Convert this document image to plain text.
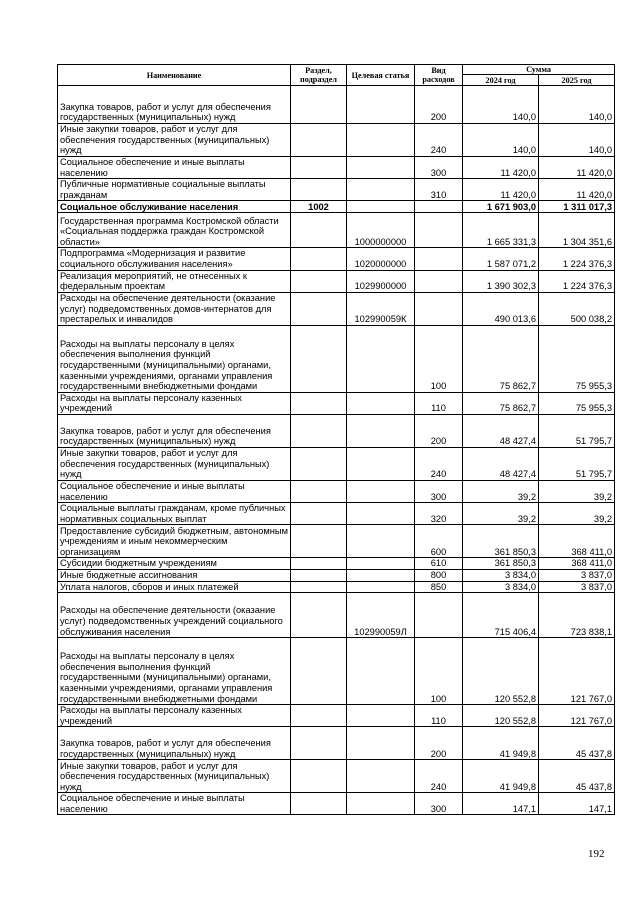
Наименование	Раздел, подраздел	Целевая статья	Вид расходов	Сумма	
				2024 год	2025 год
Закупка товаров, работ и услуг для обеспечения государственных (муниципальных) нужд			200	140,0	140,0
Иные закупки товаров, работ и услуг для обеспечения государственных (муниципальных) нужд			240	140,0	140,0
Социальное обеспечение и иные выплаты населению			300	11 420,0	11 420,0
Публичные нормативные социальные выплаты гражданам			310	11 420,0	11 420,0
Социальное обслуживание населения	1002			1 671 903,0	1 311 017,3
Государственная программа Костромской области «Социальная поддержка граждан Костромской области»		1000000000		1 665 331,3	1 304 351,6
Подпрограмма «Модернизация и развитие социального обслуживания населения»		1020000000		1 587 071,2	1 224 376,3
Реализация мероприятий, не отнесенных к федеральным проектам		1029900000		1 390 302,3	1 224 376,3
Расходы на обеспечение деятельности (оказание услуг) подведомственных домов-интернатов для престарелых и инвалидов		102990059К		490 013,6	500 038,2
Расходы на выплаты персоналу в целях обеспечения выполнения функций государственными (муниципальными) органами, казенными учреждениями, органами управления государственными внебюджетными фондами			100	75 862,7	75 955,3
Расходы на выплаты персоналу казенных учреждений			110	75 862,7	75 955,3
Закупка товаров, работ и услуг для обеспечения государственных (муниципальных) нужд			200	48 427,4	51 795,7
Иные закупки товаров, работ и услуг для обеспечения государственных (муниципальных) нужд			240	48 427,4	51 795,7
Социальное обеспечение и иные выплаты населению			300	39,2	39,2
Социальные выплаты гражданам, кроме публичных нормативных социальных выплат			320	39,2	39,2
Предоставление субсидий бюджетным, автономным учреждениям и иным некоммерческим организациям			600	361 850,3	368 411,0
Субсидии бюджетным учреждениям			610	361 850,3	368 411,0
Иные бюджетные ассигнования			800	3 834,0	3 837,0
Уплата налогов, сборов и иных платежей			850	3 834,0	3 837,0
Расходы на обеспечение деятельности (оказание услуг) подведомственных учреждений социального обслуживания населения		102990059Л		715 406,4	723 838,1
Расходы на выплаты персоналу в целях обеспечения выполнения функций государственными (муниципальными) органами, казенными учреждениями, органами управления государственными внебюджетными фондами			100	120 552,8	121 767,0
Расходы на выплаты персоналу казенных учреждений			110	120 552,8	121 767,0
Закупка товаров, работ и услуг для обеспечения государственных (муниципальных) нужд			200	41 949,8	45 437,8
Иные закупки товаров, работ и услуг для обеспечения государственных (муниципальных) нужд			240	41 949,8	45 437,8
Социальное обеспечение и иные выплаты населению			300	147,1	147,1
192
